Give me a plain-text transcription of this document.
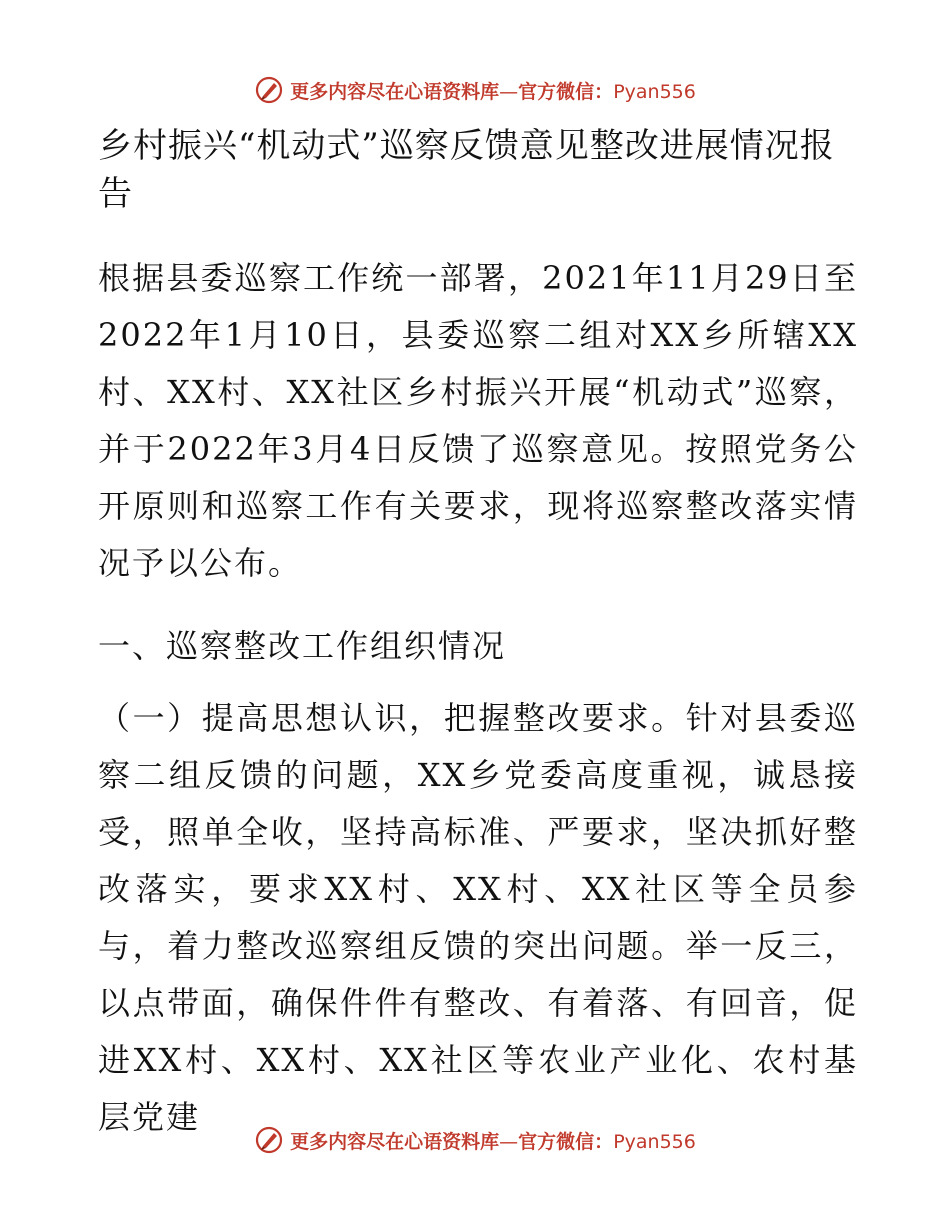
更多内容尽在心语资料库—官方微信：Pyan556
乡村振兴“机动式”巡察反馈意见整改进展情况报告

根据县委巡察工作统一部署，2021年11月29日至2022年1月10日，县委巡察二组对XX乡所辖XX村、XX村、XX社区乡村振兴开展“机动式”巡察，并于2022年3月4日反馈了巡察意见。按照党务公开原则和巡察工作有关要求，现将巡察整改落实情况予以公布。

一、巡察整改工作组织情况

（一）提高思想认识，把握整改要求。针对县委巡察二组反馈的问题，XX乡党委高度重视，诚恳接受，照单全收，坚持高标准、严要求，坚决抓好整改落实，要求XX村、XX村、XX社区等全员参与，着力整改巡察组反馈的突出问题。举一反三，以点带面，确保件件有整改、有着落、有回音，促进XX村、XX村、XX社区等农业产业化、农村基层党建

更多内容尽在心语资料库—官方微信：Pyan556
